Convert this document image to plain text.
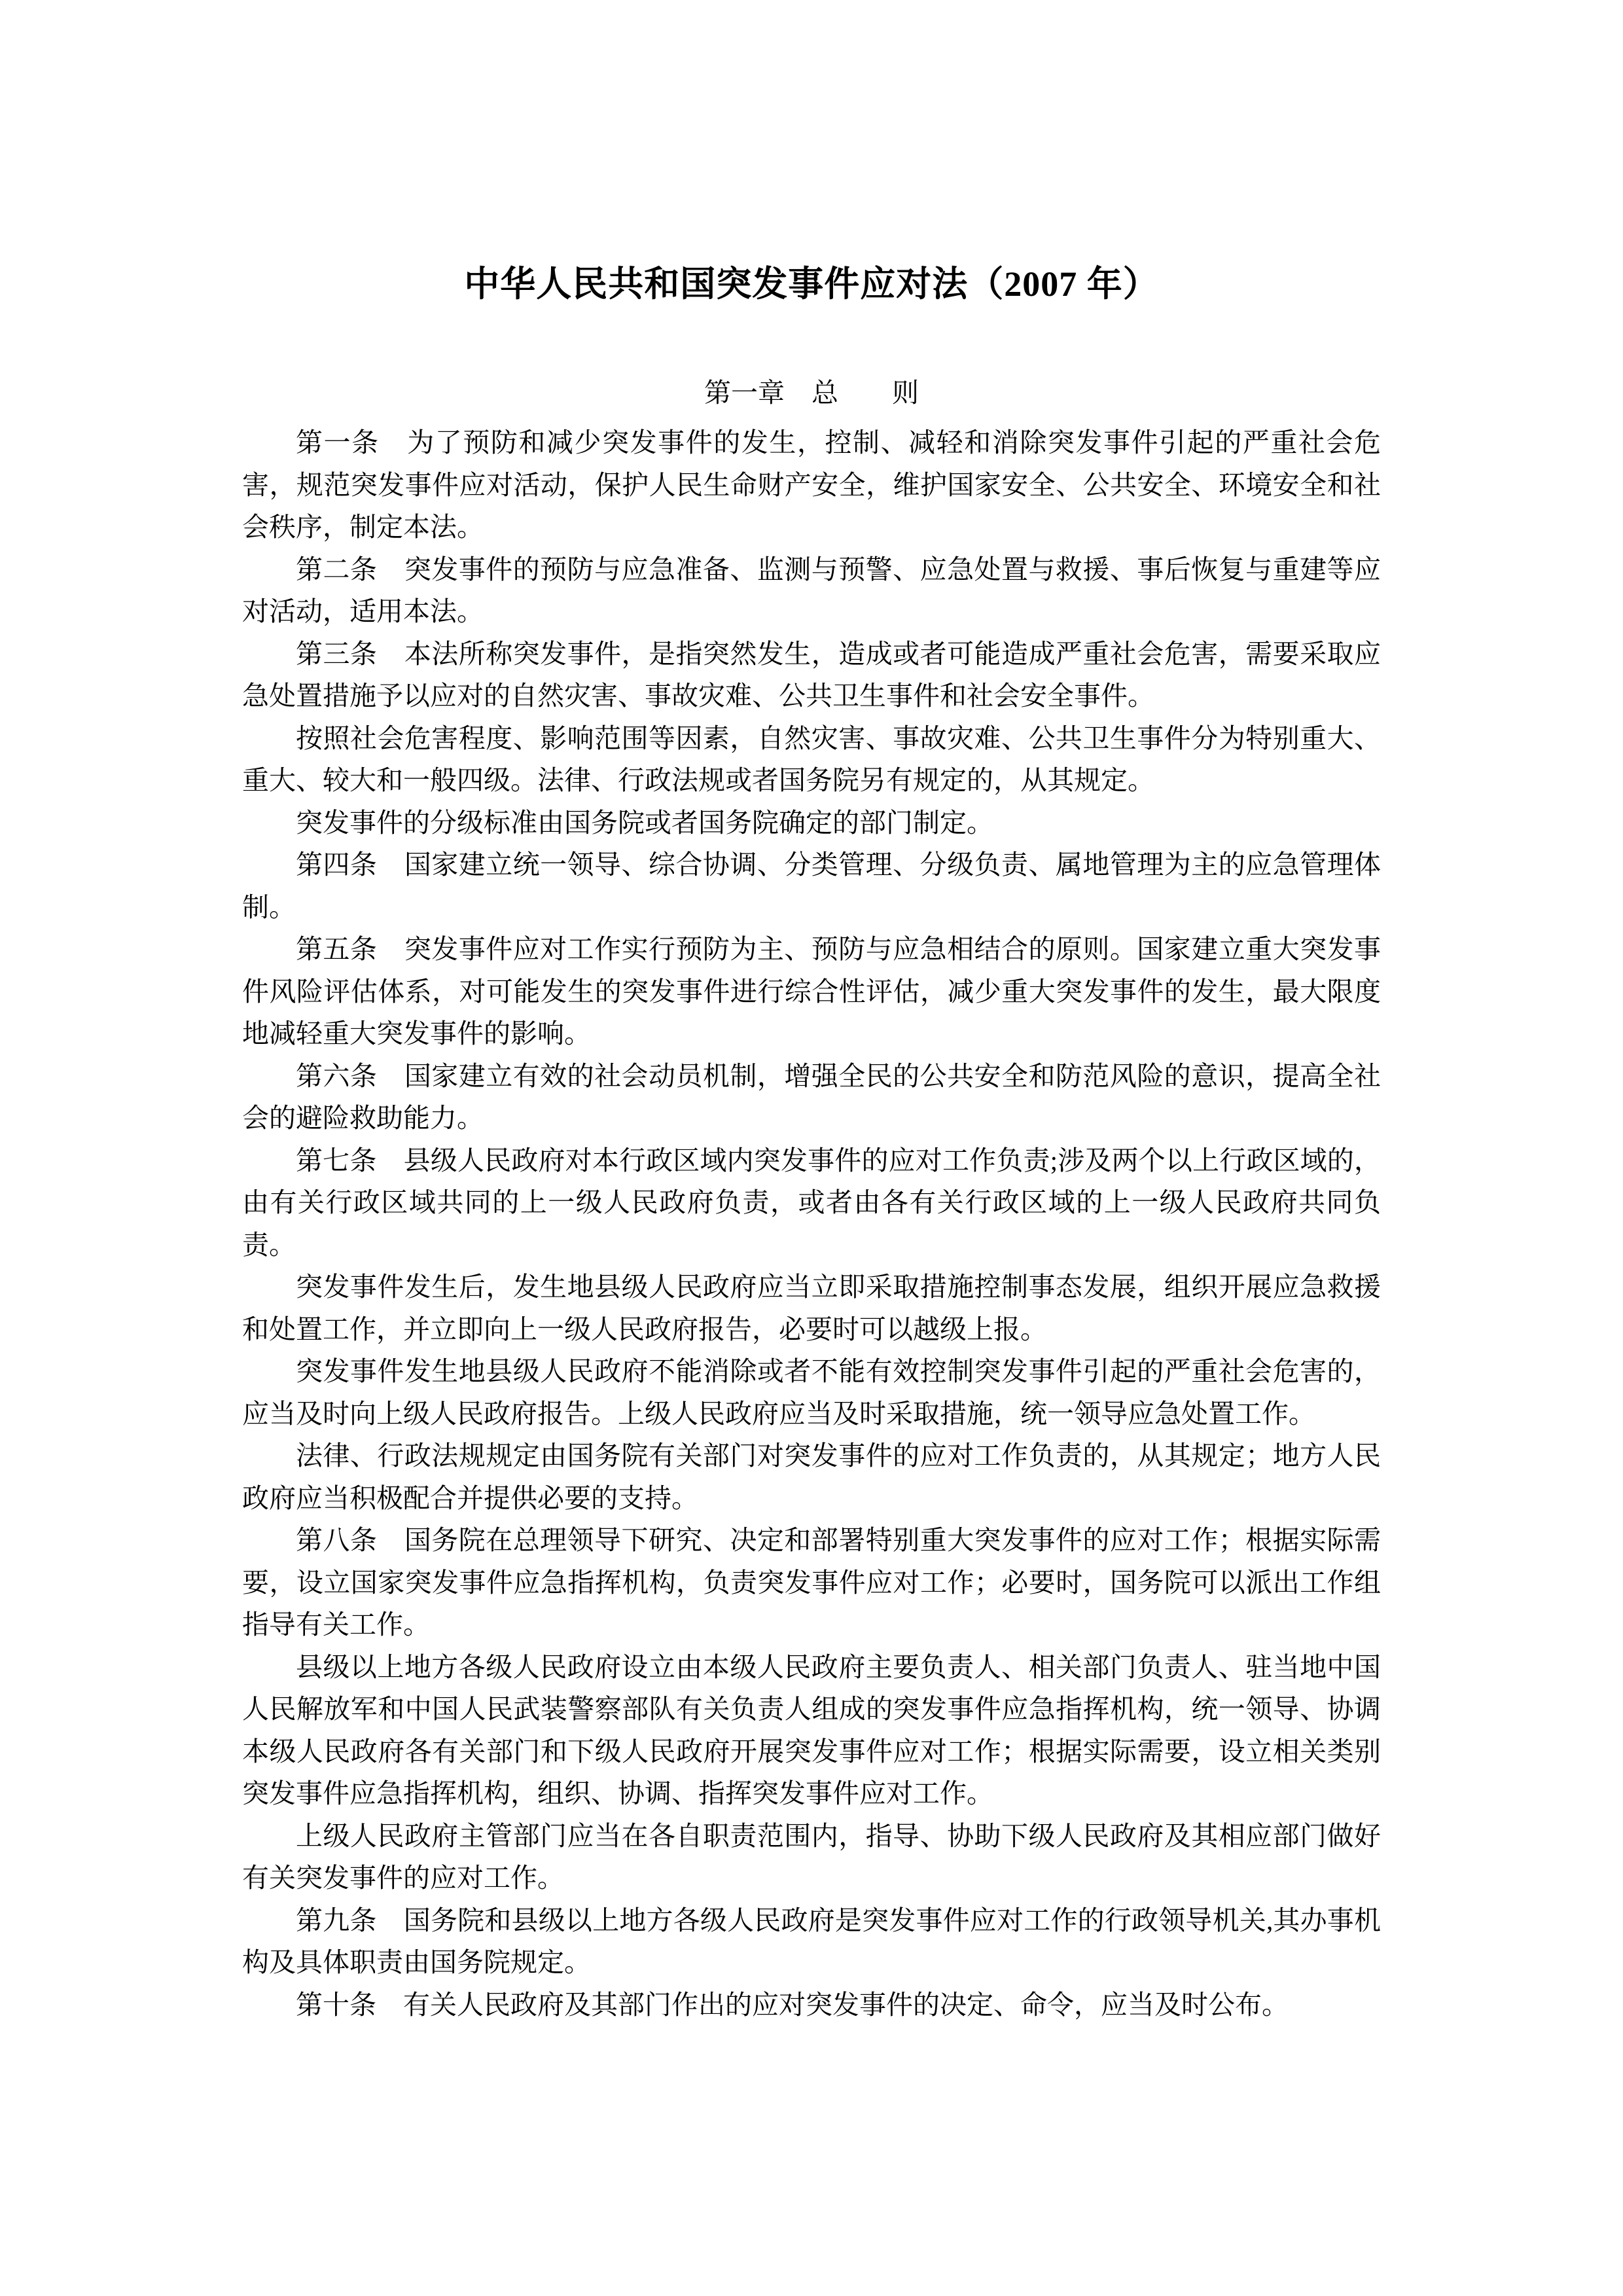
中华人民共和国突发事件应对法（2007 年）
第一章　总　　则

第一条　为了预防和减少突发事件的发生，控制、减轻和消除突发事件引起的严重社会危害，规范突发事件应对活动，保护人民生命财产安全，维护国家安全、公共安全、环境安全和社会秩序，制定本法。

第二条　突发事件的预防与应急准备、监测与预警、应急处置与救援、事后恢复与重建等应对活动，适用本法。

第三条　本法所称突发事件，是指突然发生，造成或者可能造成严重社会危害，需要采取应急处置措施予以应对的自然灾害、事故灾难、公共卫生事件和社会安全事件。

按照社会危害程度、影响范围等因素，自然灾害、事故灾难、公共卫生事件分为特别重大、重大、较大和一般四级。法律、行政法规或者国务院另有规定的，从其规定。

突发事件的分级标准由国务院或者国务院确定的部门制定。

第四条　国家建立统一领导、综合协调、分类管理、分级负责、属地管理为主的应急管理体制。

第五条　突发事件应对工作实行预防为主、预防与应急相结合的原则。国家建立重大突发事件风险评估体系，对可能发生的突发事件进行综合性评估，减少重大突发事件的发生，最大限度地减轻重大突发事件的影响。

第六条　国家建立有效的社会动员机制，增强全民的公共安全和防范风险的意识，提高全社会的避险救助能力。

第七条　县级人民政府对本行政区域内突发事件的应对工作负责;涉及两个以上行政区域的，由有关行政区域共同的上一级人民政府负责，或者由各有关行政区域的上一级人民政府共同负责。

突发事件发生后，发生地县级人民政府应当立即采取措施控制事态发展，组织开展应急救援和处置工作，并立即向上一级人民政府报告，必要时可以越级上报。

突发事件发生地县级人民政府不能消除或者不能有效控制突发事件引起的严重社会危害的，应当及时向上级人民政府报告。上级人民政府应当及时采取措施，统一领导应急处置工作。

法律、行政法规规定由国务院有关部门对突发事件的应对工作负责的，从其规定；地方人民政府应当积极配合并提供必要的支持。

第八条　国务院在总理领导下研究、决定和部署特别重大突发事件的应对工作；根据实际需要，设立国家突发事件应急指挥机构，负责突发事件应对工作；必要时，国务院可以派出工作组指导有关工作。

县级以上地方各级人民政府设立由本级人民政府主要负责人、相关部门负责人、驻当地中国人民解放军和中国人民武装警察部队有关负责人组成的突发事件应急指挥机构，统一领导、协调本级人民政府各有关部门和下级人民政府开展突发事件应对工作；根据实际需要，设立相关类别突发事件应急指挥机构，组织、协调、指挥突发事件应对工作。

上级人民政府主管部门应当在各自职责范围内，指导、协助下级人民政府及其相应部门做好有关突发事件的应对工作。

第九条　国务院和县级以上地方各级人民政府是突发事件应对工作的行政领导机关,其办事机构及具体职责由国务院规定。

第十条　有关人民政府及其部门作出的应对突发事件的决定、命令，应当及时公布。
